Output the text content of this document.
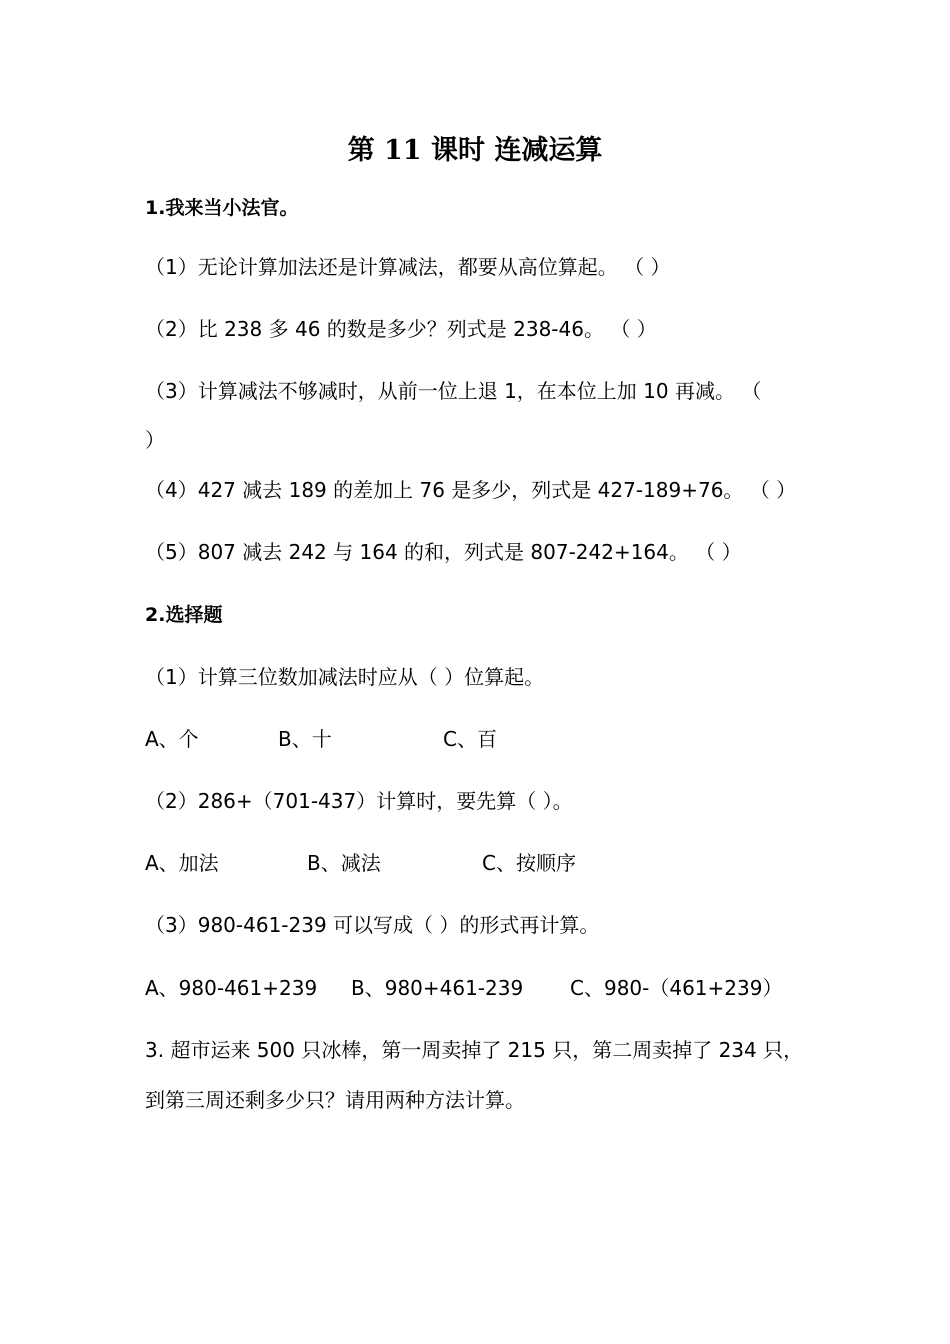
第 11 课时 连减运算

1.我来当小法官。

（1）无论计算加法还是计算减法，都要从高位算起。 （ ）

（2）比 238 多 46 的数是多少？列式是 238-46。 （ ）

（3）计算减法不够减时，从前一位上退 1，在本位上加 10 再减。 （

）

（4）427 减去 189 的差加上 76 是多少，列式是 427-189+76。 （ ）

（5）807 减去 242 与 164 的和，列式是 807-242+164。 （ ）

2.选择题

（1）计算三位数加减法时应从（ ）位算起。

A、个	B、十	C、百

（2）286+（701-437）计算时，要先算（ ）。

A、加法	B、减法	C、按顺序

（3）980-461-239 可以写成（ ）的形式再计算。

A、980-461+239 B、980+461-239 C、980-（461+239）

3. 超市运来 500 只冰棒，第一周卖掉了 215 只，第二周卖掉了 234 只，

到第三周还剩多少只？请用两种方法计算。
